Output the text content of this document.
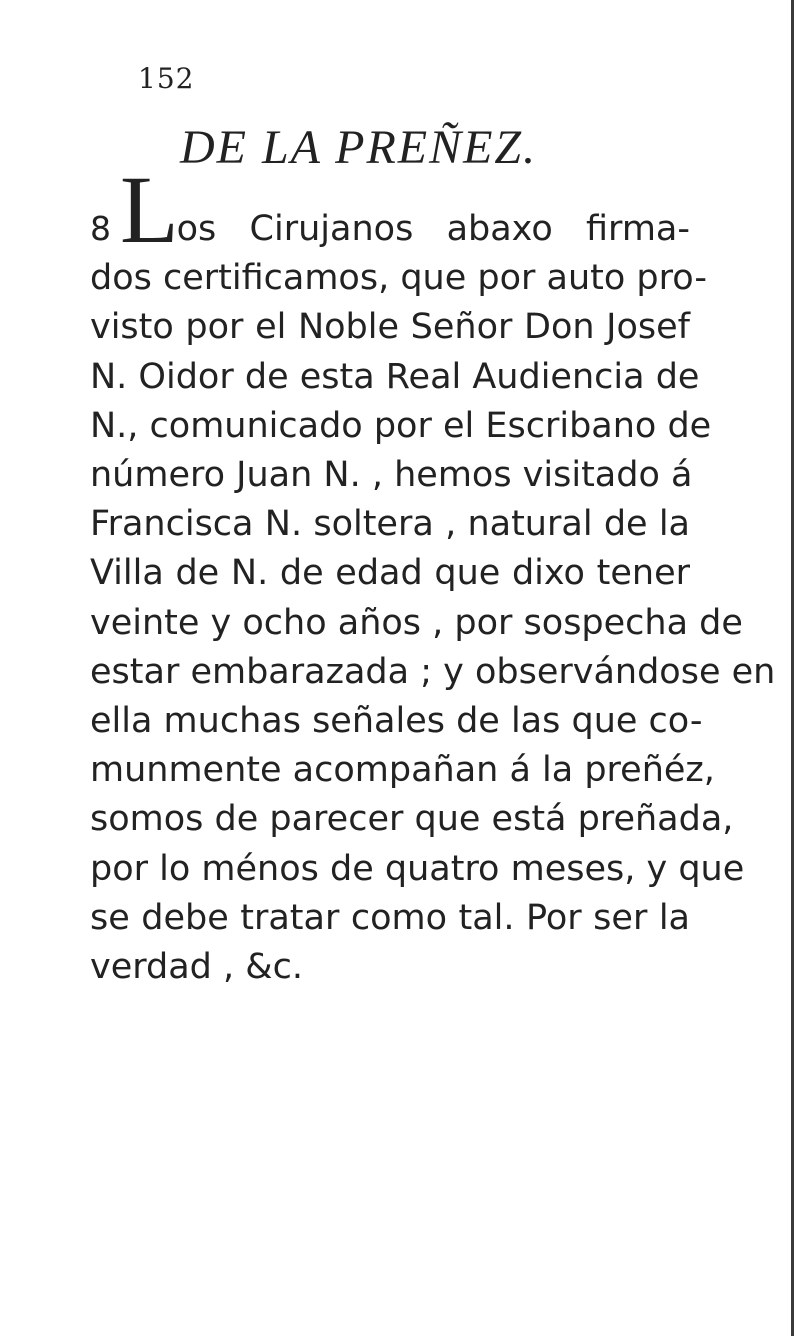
152
DE LA PREÑEZ.
8Los Cirujanos abaxo firma-
dos certificamos, que por auto pro-
visto por el Noble Señor Don Josef
N. Oidor de esta Real Audiencia de
N., comunicado por el Escribano de
número Juan N. , hemos visitado á
Francisca N. soltera , natural de la
Villa de N. de edad que dixo tener
veinte y ocho años , por sospecha de
estar embarazada ; y observándose en
ella muchas señales de las que co-
munmente acompañan á la preñéz,
somos de parecer que está preñada,
por lo ménos de quatro meses, y que
se debe tratar como tal. Por ser la
verdad , &c.
